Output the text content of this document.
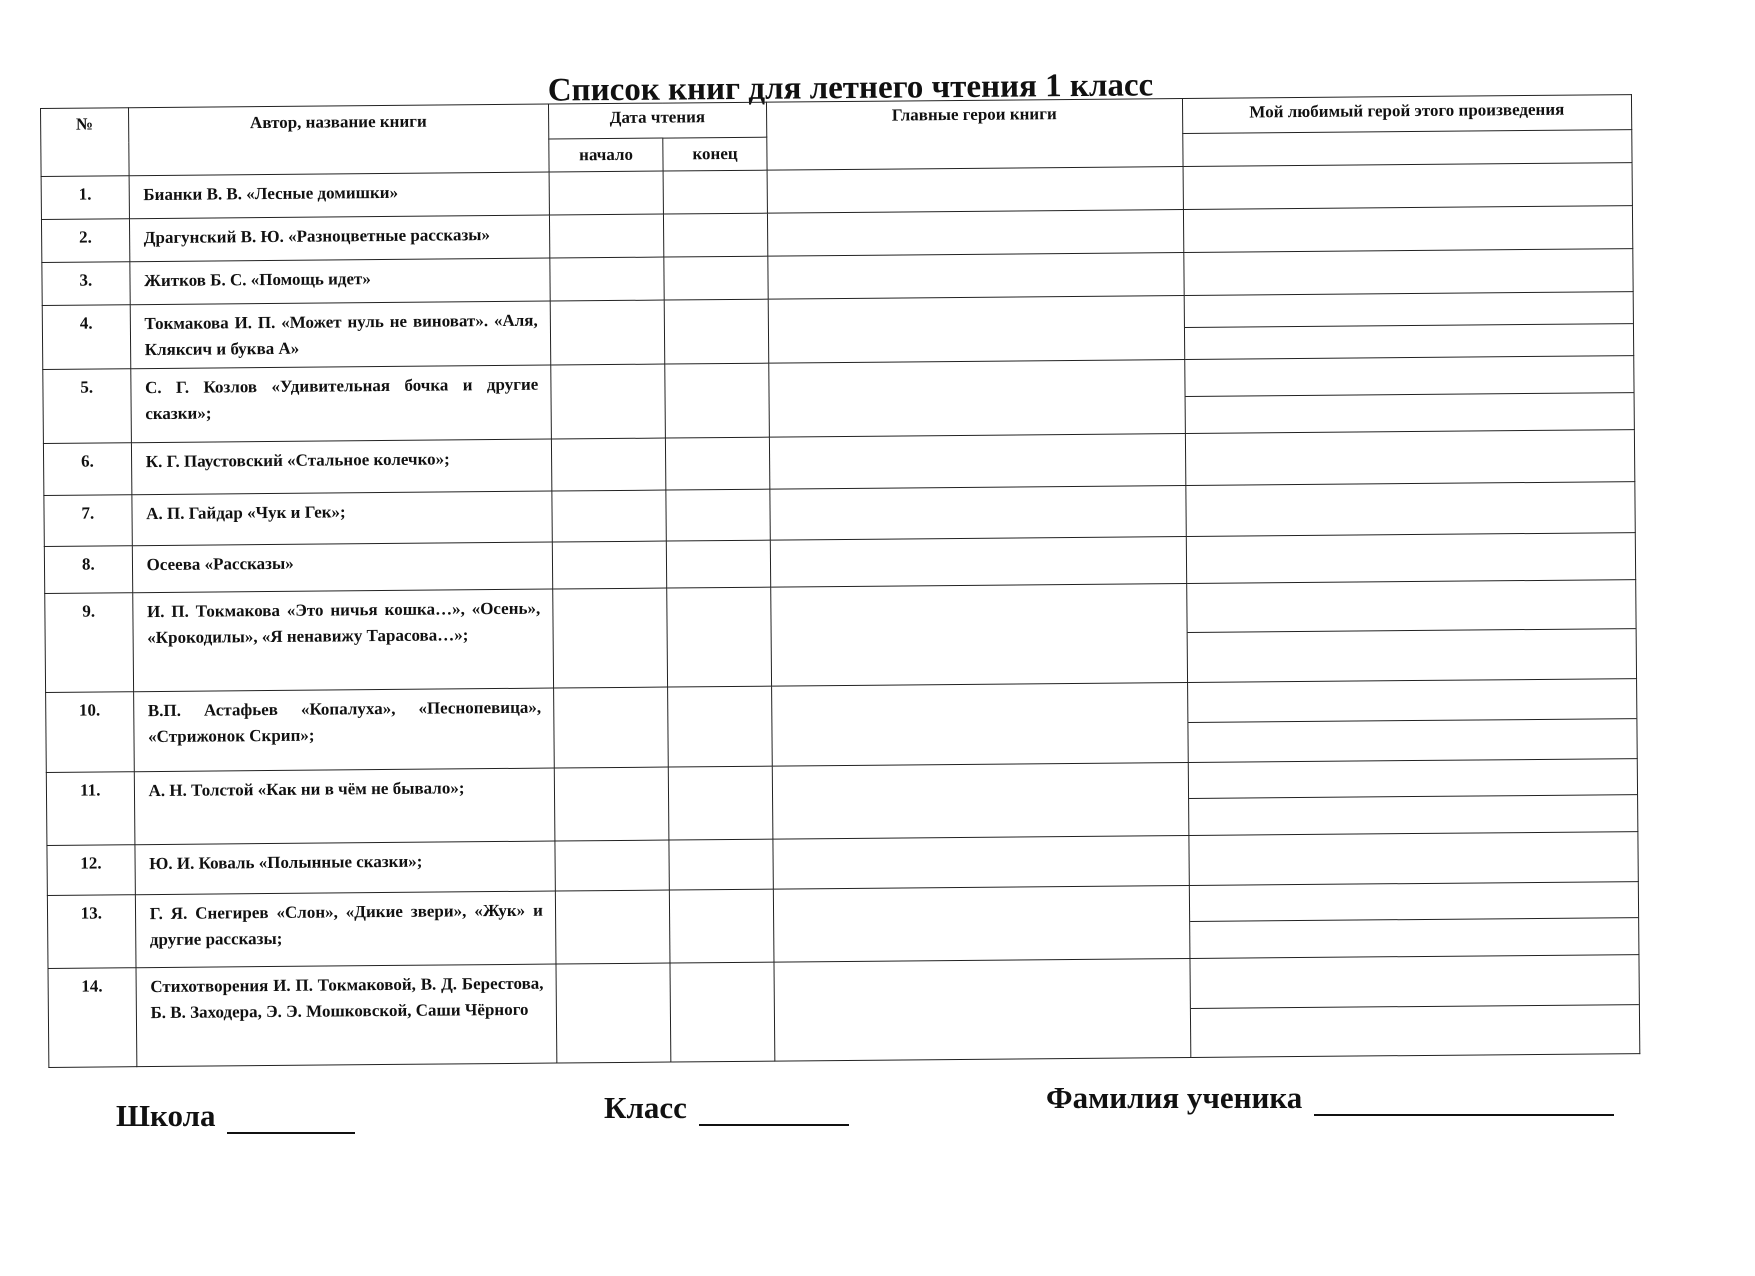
Список книг для летнего чтения 1 класс
№	Автор, название книги	Дата чтения		Главные герои книги	Мой любимый герой этого произведения
		начало	конец		
1.	Бианки В. В. «Лесные домишки»				
2.	Драгунский В. Ю. «Разноцветные рассказы»				
3.	Житков Б. С. «Помощь идет»				
4.	Токмакова И. П. «Может нуль не виноват». «Аля, Кляксич и буква А»				

5.	С. Г. Козлов «Удивительная бочка и другие сказки»;				

6.	К. Г. Паустовский «Стальное колечко»;				
7.	А. П. Гайдар «Чук и Гек»;				
8.	Осеева «Рассказы»				
9.	И. П. Токмакова «Это ничья кошка…», «Осень», «Крокодилы», «Я ненавижу Тарасова…»;				

10.	В.П. Астафьев «Копалуха», «Песнопевица», «Стрижонок Скрип»;				

11.	А. Н. Толстой «Как ни в чём не бывало»;				

12.	Ю. И. Коваль «Полынные сказки»;				
13.	Г. Я. Снегирев «Слон», «Дикие звери», «Жук» и другие рассказы;				

14.	Стихотворения И. П. Токмаковой, В. Д. Берестова, Б. В. Заходера, Э. Э. Мошковской, Саши Чёрного				
Школа	Класс	Фамилия ученика
